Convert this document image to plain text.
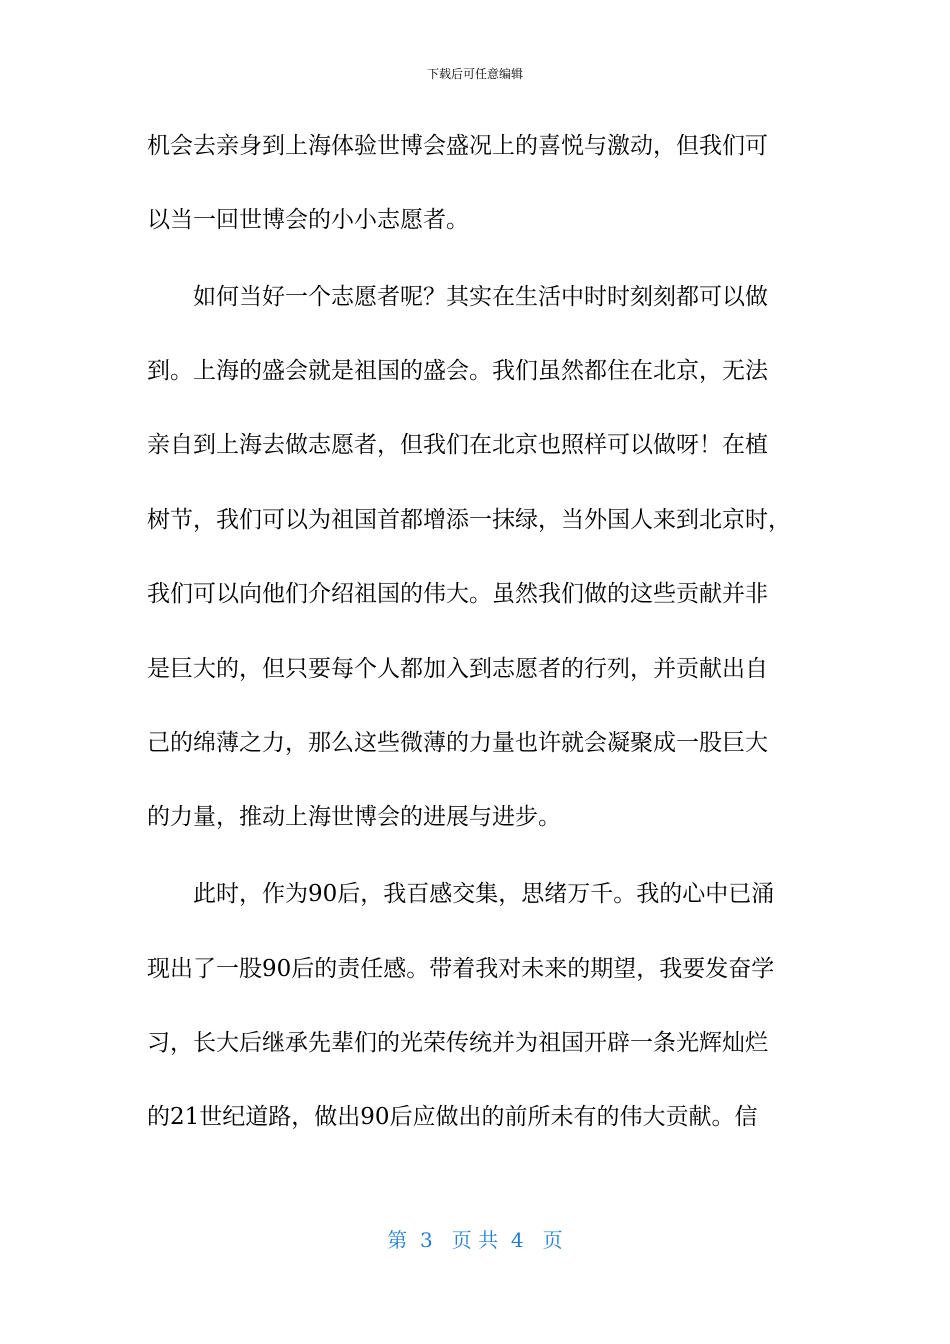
下载后可任意编辑
机会去亲身到上海体验世博会盛况上的喜悦与激动，但我们可
以当一回世博会的小小志愿者。
如何当好一个志愿者呢？其实在生活中时时刻刻都可以做
到。上海的盛会就是祖国的盛会。我们虽然都住在北京，无法
亲自到上海去做志愿者，但我们在北京也照样可以做呀！在植
树节，我们可以为祖国首都增添一抹绿，当外国人来到北京时，
我们可以向他们介绍祖国的伟大。虽然我们做的这些贡献并非
是巨大的，但只要每个人都加入到志愿者的行列，并贡献出自
己的绵薄之力，那么这些微薄的力量也许就会凝聚成一股巨大
的力量，推动上海世博会的进展与进步。
此时，作为90后，我百感交集，思绪万千。我的心中已涌
现出了一股90后的责任感。带着我对未来的期望，我要发奋学
习，长大后继承先辈们的光荣传统并为祖国开辟一条光辉灿烂
的21世纪道路，做出90后应做出的前所未有的伟大贡献。信
第  3   页 共  4   页
